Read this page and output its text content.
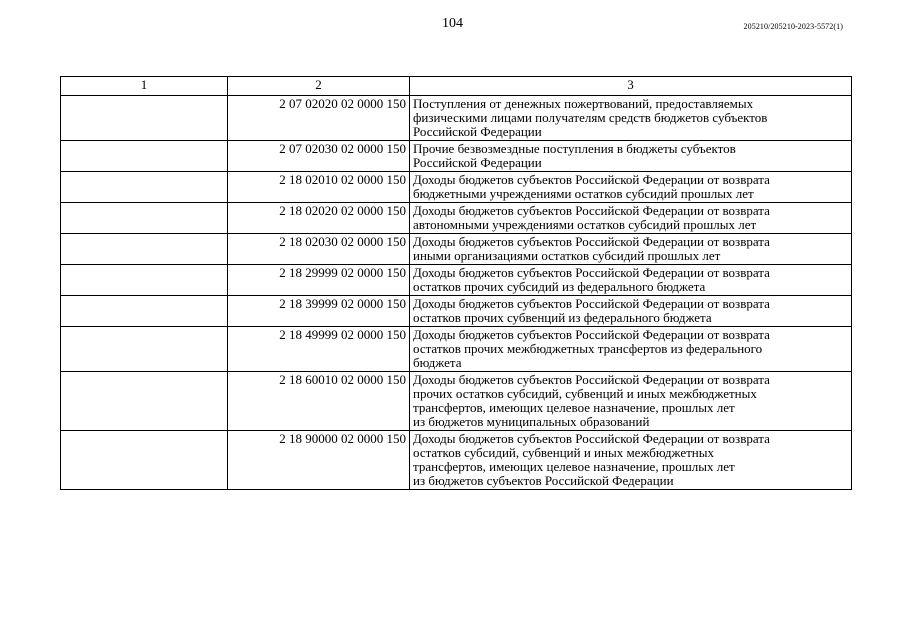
104	205210/205210-2023-5572(1)
1	2	3
	2 07 02020 02 0000 150	Поступления от денежных пожертвований, предоставляемых
физическими лицами получателям средств бюджетов субъектов
Российской Федерации

	2 07 02030 02 0000 150	Прочие безвозмездные поступления в бюджеты субъектов
Российской Федерации

	2 18 02010 02 0000 150	Доходы бюджетов субъектов Российской Федерации от возврата
бюджетными учреждениями остатков субсидий прошлых лет

	2 18 02020 02 0000 150	Доходы бюджетов субъектов Российской Федерации от возврата
автономными учреждениями остатков субсидий прошлых лет

	2 18 02030 02 0000 150	Доходы бюджетов субъектов Российской Федерации от возврата
иными организациями остатков субсидий прошлых лет

	2 18 29999 02 0000 150	Доходы бюджетов субъектов Российской Федерации от возврата
остатков прочих субсидий из федерального бюджета

	2 18 39999 02 0000 150	Доходы бюджетов субъектов Российской Федерации от возврата
остатков прочих субвенций из федерального бюджета

	2 18 49999 02 0000 150	Доходы бюджетов субъектов Российской Федерации от возврата
остатков прочих межбюджетных трансфертов из федерального
бюджета

	2 18 60010 02 0000 150	Доходы бюджетов субъектов Российской Федерации от возврата
прочих остатков субсидий, субвенций и иных межбюджетных
трансфертов, имеющих целевое назначение, прошлых лет
из бюджетов муниципальных образований

	2 18 90000 02 0000 150	Доходы бюджетов субъектов Российской Федерации от возврата
остатков субсидий, субвенций и иных межбюджетных
трансфертов, имеющих целевое назначение, прошлых лет
из бюджетов субъектов Российской Федерации
